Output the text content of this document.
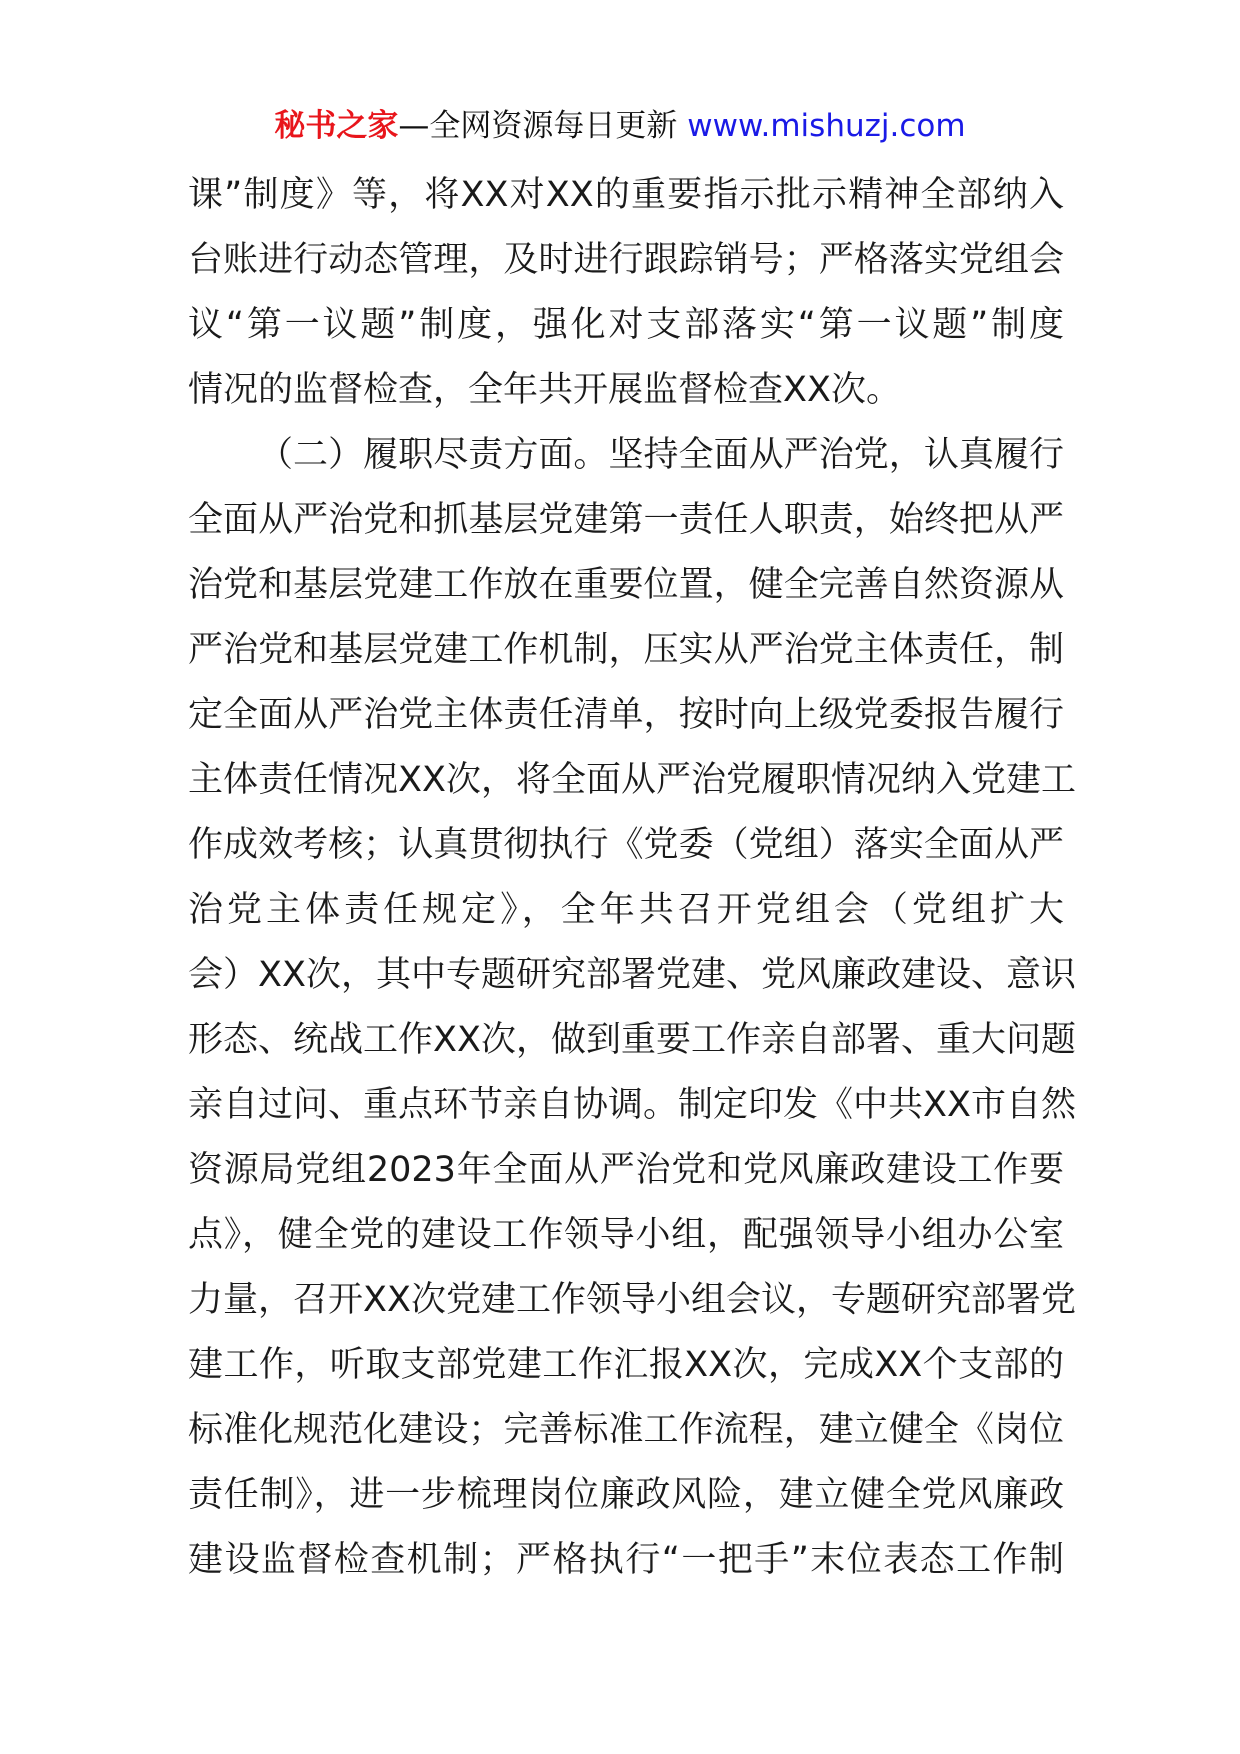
秘书之家—全网资源每日更新 www.mishuzj.com
课”制度》等，将XX对XX的重要指示批示精神全部纳入
台账进行动态管理，及时进行跟踪销号；严格落实党组会
议“第一议题”制度，强化对支部落实“第一议题”制度
情况的监督检查，全年共开展监督检查XX次。
（二）履职尽责方面。坚持全面从严治党，认真履行
全面从严治党和抓基层党建第一责任人职责，始终把从严
治党和基层党建工作放在重要位置，健全完善自然资源从
严治党和基层党建工作机制，压实从严治党主体责任，制
定全面从严治党主体责任清单，按时向上级党委报告履行
主体责任情况XX次，将全面从严治党履职情况纳入党建工
作成效考核；认真贯彻执行《党委（党组）落实全面从严
治党主体责任规定》，全年共召开党组会（党组扩大
会）XX次，其中专题研究部署党建、党风廉政建设、意识
形态、统战工作XX次，做到重要工作亲自部署、重大问题
亲自过问、重点环节亲自协调。制定印发《中共XX市自然
资源局党组2023年全面从严治党和党风廉政建设工作要
点》，健全党的建设工作领导小组，配强领导小组办公室
力量，召开XX次党建工作领导小组会议，专题研究部署党
建工作，听取支部党建工作汇报XX次，完成XX个支部的
标准化规范化建设；完善标准工作流程，建立健全《岗位
责任制》，进一步梳理岗位廉政风险，建立健全党风廉政
建设监督检查机制；严格执行“一把手”末位表态工作制
